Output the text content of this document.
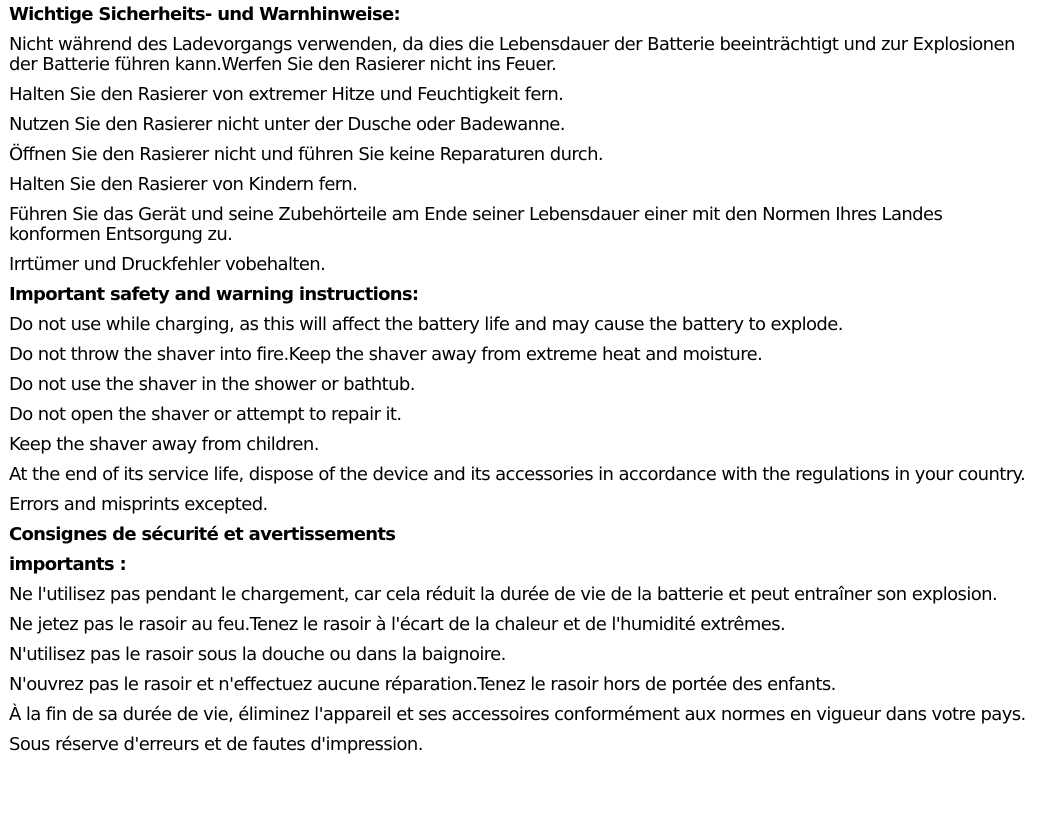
Wichtige Sicherheits- und Warnhinweise:
Nicht während des Ladevorgangs verwenden, da dies die Lebensdauer der Batterie beeinträchtigt und zur Explosionen der Batterie führen kann.Werfen Sie den Rasierer nicht ins Feuer.
Halten Sie den Rasierer von extremer Hitze und Feuchtigkeit fern.
Nutzen Sie den Rasierer nicht unter der Dusche oder Badewanne.
Öffnen Sie den Rasierer nicht und führen Sie keine Reparaturen durch.
Halten Sie den Rasierer von Kindern fern.
Führen Sie das Gerät und seine Zubehörteile am Ende seiner Lebensdauer einer mit den Normen Ihres Landes konformen Entsorgung zu.
Irrtümer und Druckfehler vobehalten.
Important safety and warning instructions:
Do not use while charging, as this will affect the battery life and may cause the battery to explode.
Do not throw the shaver into fire.Keep the shaver away from extreme heat and moisture.
Do not use the shaver in the shower or bathtub.
Do not open the shaver or attempt to repair it.
Keep the shaver away from children.
At the end of its service life, dispose of the device and its accessories in accordance with the regulations in your country.
Errors and misprints excepted.
Consignes de sécurité et avertissements
importants :
Ne l'utilisez pas pendant le chargement, car cela réduit la durée de vie de la batterie et peut entraîner son explosion.
Ne jetez pas le rasoir au feu.Tenez le rasoir à l'écart de la chaleur et de l'humidité extrêmes.
N'utilisez pas le rasoir sous la douche ou dans la baignoire.
N'ouvrez pas le rasoir et n'effectuez aucune réparation.Tenez le rasoir hors de portée des enfants.
À la fin de sa durée de vie, éliminez l'appareil et ses accessoires conformément aux normes en vigueur dans votre pays.
Sous réserve d'erreurs et de fautes d'impression.
